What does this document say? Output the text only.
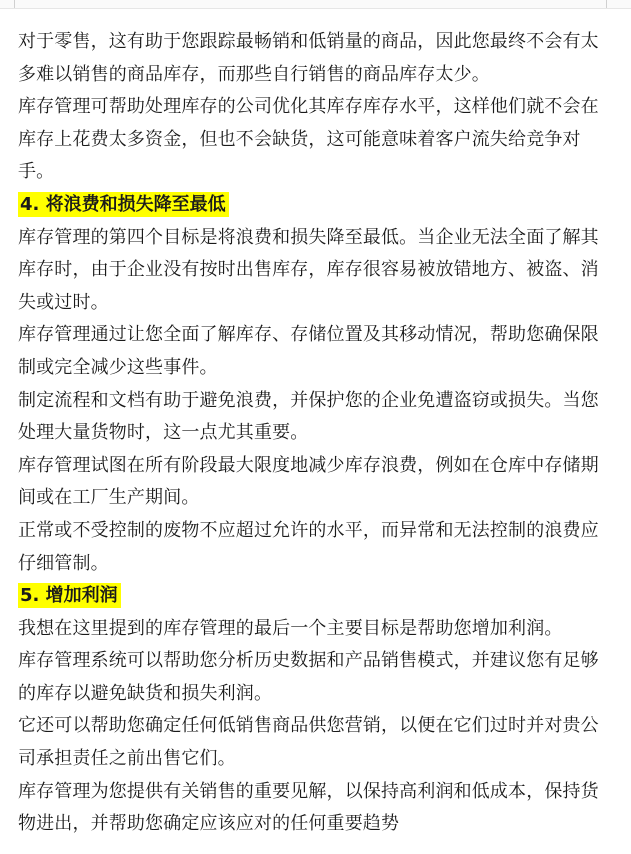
对于零售，这有助于您跟踪最畅销和低销量的商品，因此您最终不会有太多难以销售的商品库存，而那些自行销售的商品库存太少。

库存管理可帮助处理库存的公司优化其库存库存水平，这样他们就不会在库存上花费太多资金，但也不会缺货，这可能意味着客户流失给竞争对手。

4. 将浪费和损失降至最低

库存管理的第四个目标是将浪费和损失降至最低。当企业无法全面了解其库存时，由于企业没有按时出售库存，库存很容易被放错地方、被盗、消失或过时。

库存管理通过让您全面了解库存、存储位置及其移动情况，帮助您确保限制或完全减少这些事件。

制定流程和文档有助于避免浪费，并保护您的企业免遭盗窃或损失。当您处理大量货物时，这一点尤其重要。

库存管理试图在所有阶段最大限度地减少库存浪费，例如在仓库中存储期间或在工厂生产期间。

正常或不受控制的废物不应超过允许的水平，而异常和无法控制的浪费应仔细管制。

5. 增加利润

我想在这里提到的库存管理的最后一个主要目标是帮助您增加利润。

库存管理系统可以帮助您分析历史数据和产品销售模式，并建议您有足够的库存以避免缺货和损失利润。

它还可以帮助您确定任何低销售商品供您营销，以便在它们过时并对贵公司承担责任之前出售它们。

库存管理为您提供有关销售的重要见解，以保持高利润和低成本，保持货物进出，并帮助您确定应该应对的任何重要趋势
